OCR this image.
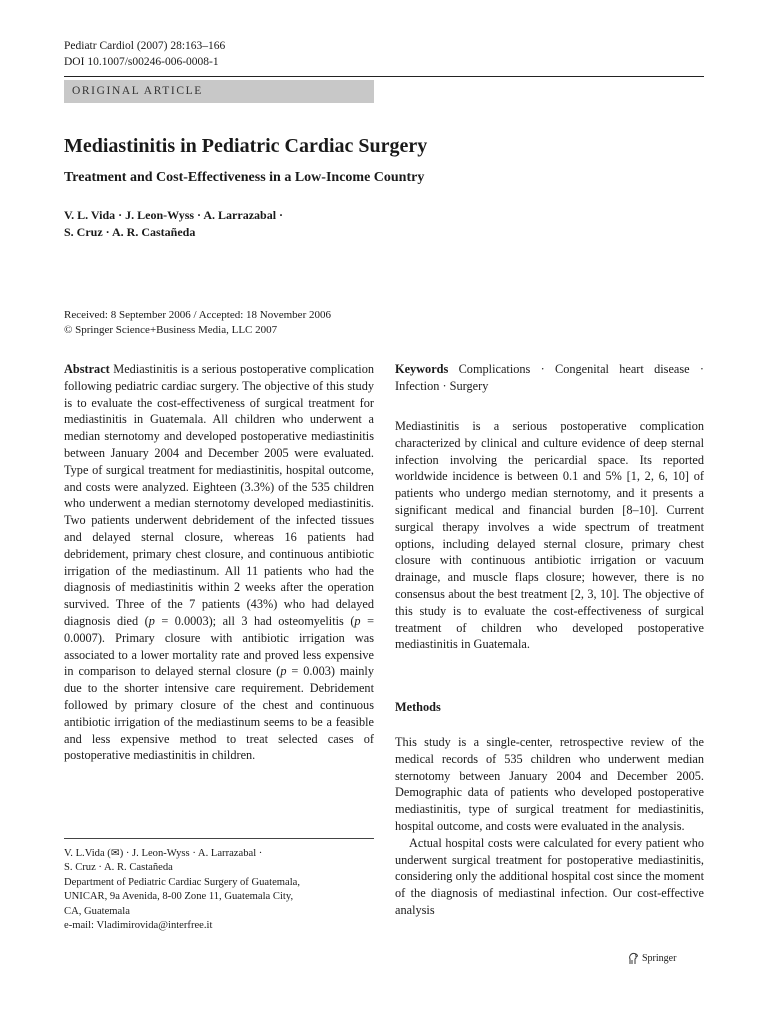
Pediatr Cardiol (2007) 28:163–166
DOI 10.1007/s00246-006-0008-1
ORIGINAL ARTICLE
Mediastinitis in Pediatric Cardiac Surgery
Treatment and Cost-Effectiveness in a Low-Income Country
V. L. Vida · J. Leon-Wyss · A. Larrazabal ·
S. Cruz · A. R. Castañeda
Received: 8 September 2006 / Accepted: 18 November 2006
© Springer Science+Business Media, LLC 2007
Abstract Mediastinitis is a serious postoperative complication following pediatric cardiac surgery. The objective of this study is to evaluate the cost-effectiveness of surgical treatment for mediastinitis in Guatemala. All children who underwent a median sternotomy and developed postoperative mediastinitis between January 2004 and December 2005 were evaluated. Type of surgical treatment for mediastinitis, hospital outcome, and costs were analyzed. Eighteen (3.3%) of the 535 children who underwent a median sternotomy developed mediastinitis. Two patients underwent debridement of the infected tissues and delayed sternal closure, whereas 16 patients had debridement, primary chest closure, and continuous antibiotic irrigation of the mediastinum. All 11 patients who had the diagnosis of mediastinitis within 2 weeks after the operation survived. Three of the 7 patients (43%) who had delayed diagnosis died (p = 0.0003); all 3 had osteomyelitis (p = 0.0007). Primary closure with antibiotic irrigation was associated to a lower mortality rate and proved less expensive in comparison to delayed sternal closure (p = 0.003) mainly due to the shorter intensive care requirement. Debridement followed by primary closure of the chest and continuous antibiotic irrigation of the mediastinum seems to be a feasible and less expensive method to treat selected cases of postoperative mediastinitis in children.
V. L.Vida (✉) · J. Leon-Wyss · A. Larrazabal ·
S. Cruz · A. R. Castañeda
Department of Pediatric Cardiac Surgery of Guatemala,
UNICAR, 9a Avenida, 8-00 Zone 11, Guatemala City,
CA, Guatemala
e-mail: Vladimirovida@interfree.it
Keywords Complications · Congenital heart disease · Infection · Surgery

Mediastinitis is a serious postoperative complication characterized by clinical and culture evidence of deep sternal infection involving the pericardial space. Its reported worldwide incidence is between 0.1 and 5% [1, 2, 6, 10] of patients who undergo median sternotomy, and it presents a significant medical and financial burden [8–10]. Current surgical therapy involves a wide spectrum of treatment options, including delayed sternal closure, primary chest closure with continuous antibiotic irrigation or vacuum drainage, and muscle flaps closure; however, there is no consensus about the best treatment [2, 3, 10]. The objective of this study is to evaluate the cost-effectiveness of surgical treatment of children who developed postoperative mediastinitis in Guatemala.

Methods

This study is a single-center, retrospective review of the medical records of 535 children who underwent median sternotomy between January 2004 and December 2005. Demographic data of patients who developed postoperative mediastinitis, type of surgical treatment for mediastinitis, hospital outcome, and costs were evaluated in the analysis.

Actual hospital costs were calculated for every patient who underwent surgical treatment for postoperative mediastinitis, considering only the additional hospital cost since the moment of the diagnosis of mediastinal infection. Our cost-effective analysis

Springer
